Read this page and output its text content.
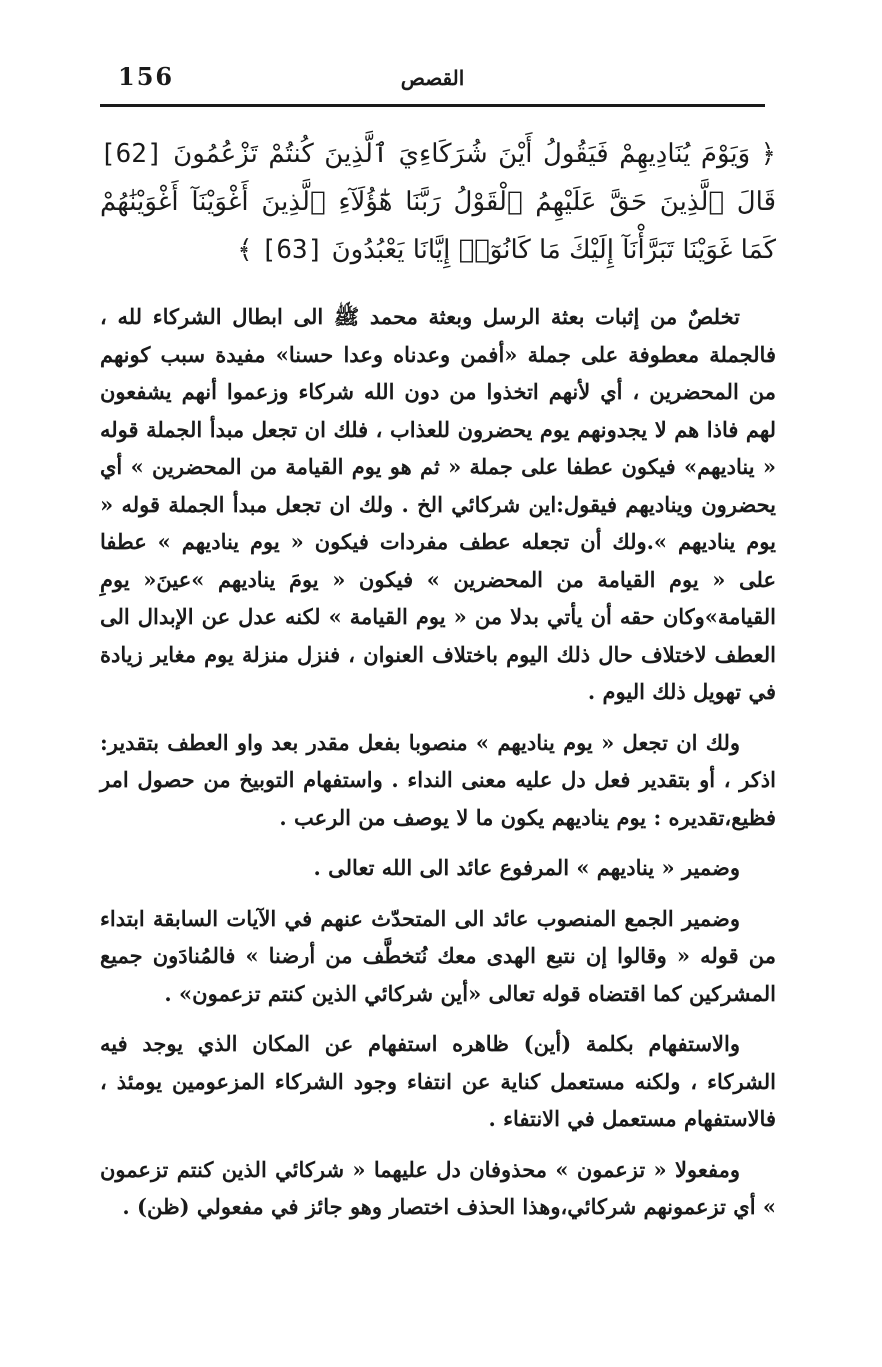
156	القصص

﴿ وَيَوْمَ يُنَادِيهِمْ فَيَقُولُ أَيْنَ شُرَكَاءِيَ ٱلَّذِينَ كُنتُمْ تَزْعُمُونَ [62] قَالَ ٱلَّذِينَ حَقَّ عَلَيْهِمُ ٱلْقَوْلُ رَبَّنَا هَٰٓؤُلَآءِ ٱلَّذِينَ أَغْوَيْنَآ أَغْوَيْنَٰهُمْ كَمَا غَوَيْنَا تَبَرَّأْنَآ إِلَيْكَ مَا كَانُوٓا۟ إِيَّانَا يَعْبُدُونَ [63] ﴾

تخلصٌ من إثبات بعثة الرسل وبعثة محمد ﷺ الى ابطال الشركاء لله ، فالجملة معطوفة على جملة «أفمن وعدناه وعدا حسنا» مفيدة سبب كونهم من المحضرين ، أي لأنهم اتخذوا من دون الله شركاء وزعموا أنهم يشفعون لهم فاذا هم لا يجدونهم يوم يحضرون للعذاب ، فلك ان تجعل مبدأ الجملة قوله « يناديهم» فيكون عطفا على جملة « ثم هو يوم القيامة من المحضرين » أي يحضرون ويناديهم فيقول:اين شركائي الخ . ولك ان تجعل مبدأ الجملة قوله « يوم يناديهم ».ولك أن تجعله عطف مفردات فيكون « يوم يناديهم » عطفا على « يوم القيامة من المحضرين » فيكون « يومَ يناديهم »عينَ« يومِ القيامة»وكان حقه أن يأتي بدلا من « يوم القيامة » لكنه عدل عن الإبدال الى العطف لاختلاف حال ذلك اليوم باختلاف العنوان ، فنزل منزلة يوم مغاير زيادة في تهويل ذلك اليوم .

ولك ان تجعل « يوم يناديهم » منصوبا بفعل مقدر بعد واو العطف بتقدير: اذكر ، أو بتقدير فعل دل عليه معنى النداء . واستفهام التوبيخ من حصول امر فظيع،تقديره : يوم يناديهم يكون ما لا يوصف من الرعب .

وضمير « يناديهم » المرفوع عائد الى الله تعالى .

وضمير الجمع المنصوب عائد الى المتحدّث عنهم في الآيات السابقة ابتداء من قوله « وقالوا إن نتبع الهدى معك نُتخطَّف من أرضنا » فالمُنادَون جميع المشركين كما اقتضاه قوله تعالى «أين شركائي الذين كنتم تزعمون» .

والاستفهام بكلمة (أين) ظاهره استفهام عن المكان الذي يوجد فيه الشركاء ، ولكنه مستعمل كناية عن انتفاء وجود الشركاء المزعومين يومئذ ، فالاستفهام مستعمل في الانتفاء .

ومفعولا « تزعمون » محذوفان دل عليهما « شركائي الذين كنتم تزعمون » أي تزعمونهم شركائي،وهذا الحذف اختصار وهو جائز في مفعولي (ظن) .
